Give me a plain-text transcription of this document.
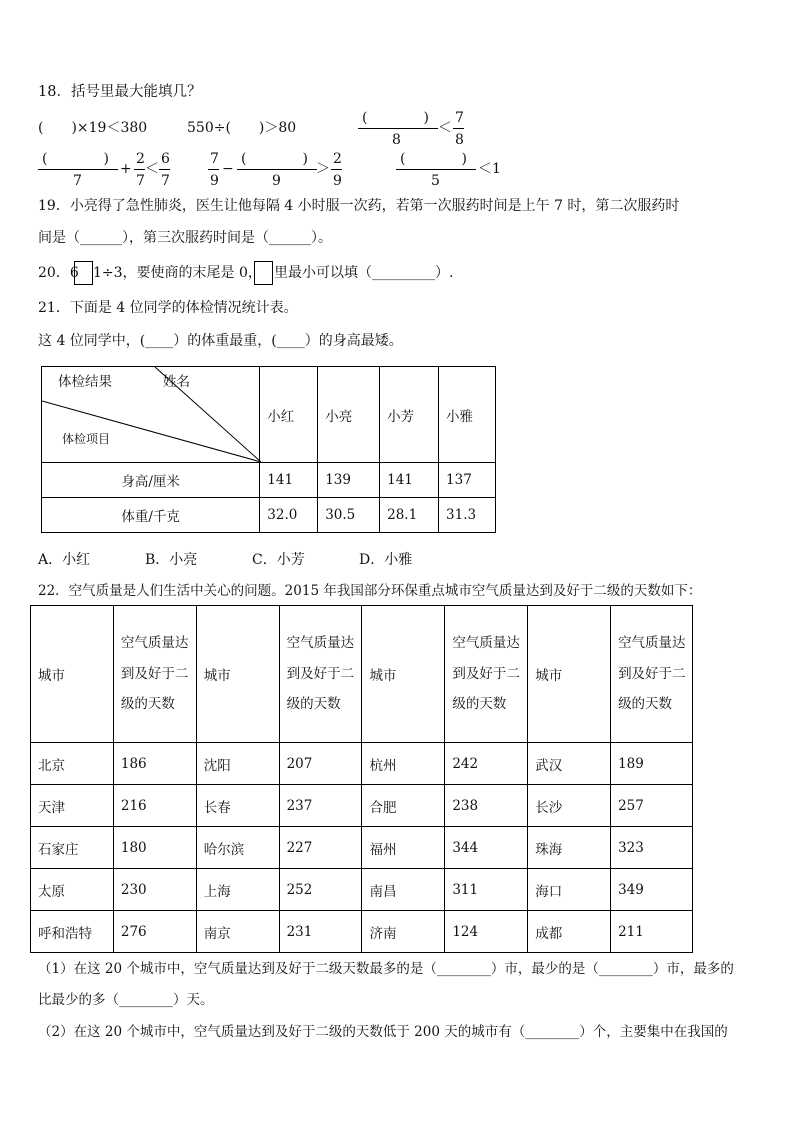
18．括号里最大能填几？
(　　)×19＜380	550÷(　　)＞80
(　　　　)
8
＜
7
8
(　　　　)
7
+
2
7
＜
6
7
7
9
−
(　　　　)
9
＞
2
9
(　　　　)
5
＜1
19．小亮得了急性肺炎，医生让他每隔 4 小时服一次药，若第一次服药时间是上午 7 时，第二次服药时
间是（______），第三次服药时间是（______）。
20．6 1÷3，要使商的末尾是 0， 里最小可以填（_________）.
21．下面是 4 位同学的体检情况统计表。
这 4 位同学中，(____）的体重最重，(____）的身高最矮。
体检结果 姓名
体检项目	小红	小亮	小芳	小雅
身高/厘米	141	139	141	137
体重/千克	32.0	30.5	28.1	31.3
A．小红	B．小亮	C．小芳	D．小雅
22．空气质量是人们生活中关心的问题。2015 年我国部分环保重点城市空气质量达到及好于二级的天数如下：
城市	空气质量达到及好于二级的天数	城市	空气质量达到及好于二级的天数	城市	空气质量达到及好于二级的天数	城市	空气质量达到及好于二级的天数
北京	186	沈阳	207	杭州	242	武汉	189
天津	216	长春	237	合肥	238	长沙	257
石家庄	180	哈尔滨	227	福州	344	珠海	323
太原	230	上海	252	南昌	311	海口	349
呼和浩特	276	南京	231	济南	124	成都	211
（1）在这 20 个城市中，空气质量达到及好于二级天数最多的是（________）市，最少的是（________）市，最多的
比最少的多（________）天。
（2）在这 20 个城市中，空气质量达到及好于二级的天数低于 200 天的城市有（________）个，主要集中在我国的
